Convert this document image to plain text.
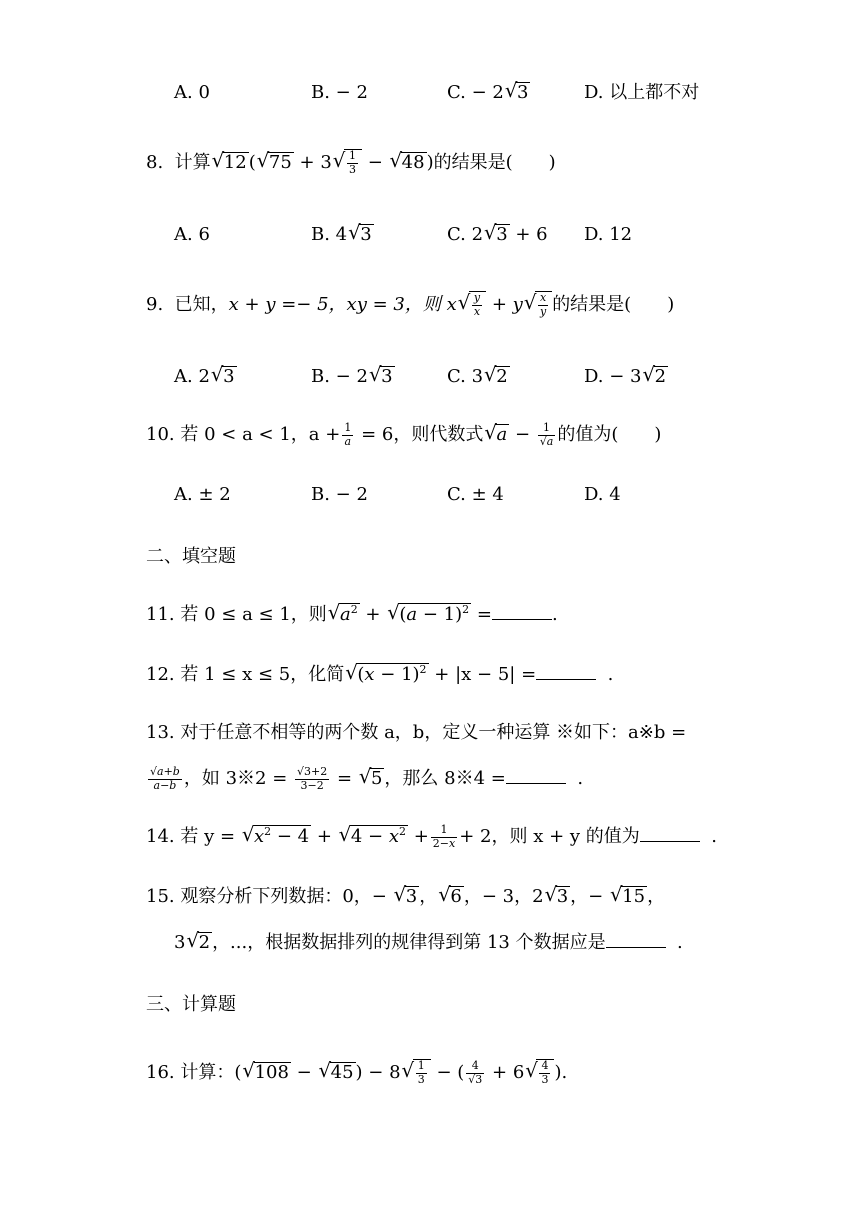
A. 0	B. − 2	C. − 2 √ 3	D. 以上都不对
8. 计算 √ 12 ( √ 75 + 3 √ $\frac{1}{3}$ − √ 48 )的结果是( )
A. 6	B. 4 √ 3	C. 2 √ 3 + 6 D. 12
9. 已知，x + y =− 5，xy = 3，则 x √ $\frac{y}{x} + y$ √ $\frac{x}{y}$ 的结果是( )
A. 2 √ 3	B. − 2 √ 3	C. 3 √ 2	D. − 3 √ 2
10. 若 0 < a < 1，$a + \frac{1}{a} = 6$，则代数式 √ $a - \frac{1}{√a}$ 的值为( )
A. ± 2	B. − 2	C. ± 4	D. 4
二、填空题
11. 若 0 ≤ a ≤ 1，则 √ $a^2$ + √ $(a - 1)^2$ =	.
12. 若 1 ≤ x ≤ 5，化简 √ $(x - 1)^2 + |x - 5|$ =	.
13. 对于任意不相等的两个数 a，b，定义一种运算 ※如下：a※b =
$\frac{√a+b}{a-b}$ ，如 3※2 = $\frac{√3+2}{3-2}$ = √ 5 ，那么 8※4 =	.
14. 若 y = √ $x^2 - 4$ + √ $4 - x^2 + \frac{1}{2-x} + 2$，则 x + y 的值为	.
15. 观察分析下列数据：0，− √ 3 ， √ 6 ，− 3，2 √ 3 ，− √ 15 ，
3 √ 2 ，...，根据数据排列的规律得到第 13 个数据应是	.
三、计算题
16. 计算：( √ 108 − √ 45 ) − 8 √ $\frac{1}{3}$ − ( $\frac{4}{√3} + 6$ √ $\frac{4}{3}$ ).
